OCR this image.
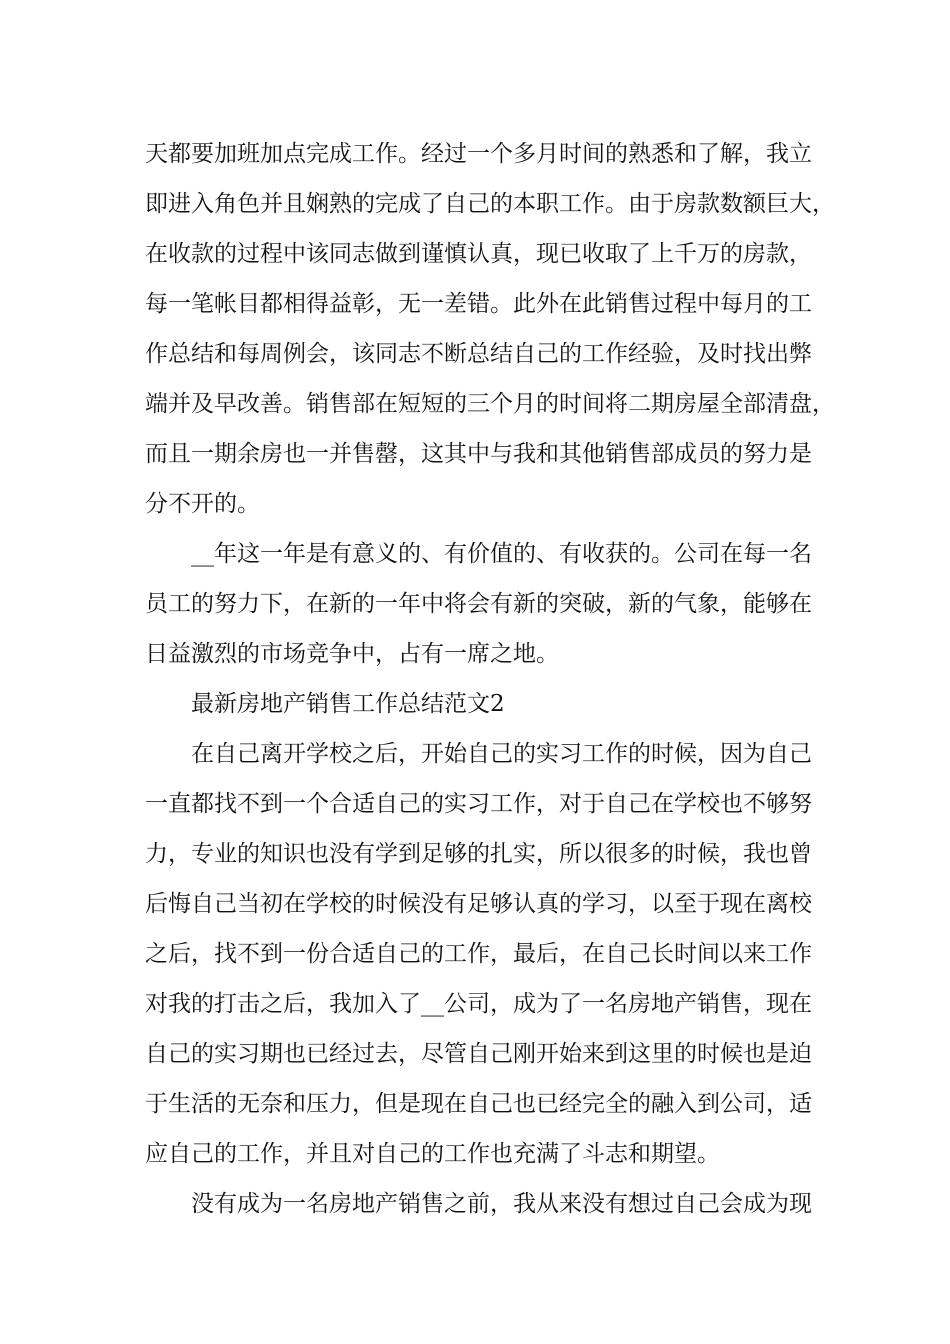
天都要加班加点完成工作。经过一个多月时间的熟悉和了解，我立
即进入角色并且娴熟的完成了自己的本职工作。由于房款数额巨大，
在收款的过程中该同志做到谨慎认真，现已收取了上千万的房款，
每一笔帐目都相得益彰，无一差错。此外在此销售过程中每月的工
作总结和每周例会，该同志不断总结自己的工作经验，及时找出弊
端并及早改善。销售部在短短的三个月的时间将二期房屋全部清盘，
而且一期余房也一并售罄，这其中与我和其他销售部成员的努力是
分不开的。
__年这一年是有意义的、有价值的、有收获的。公司在每一名
员工的努力下，在新的一年中将会有新的突破，新的气象，能够在
日益激烈的市场竞争中，占有一席之地。
最新房地产销售工作总结范文2
在自己离开学校之后，开始自己的实习工作的时候，因为自己
一直都找不到一个合适自己的实习工作，对于自己在学校也不够努
力，专业的知识也没有学到足够的扎实，所以很多的时候，我也曾
后悔自己当初在学校的时候没有足够认真的学习，以至于现在离校
之后，找不到一份合适自己的工作，最后，在自己长时间以来工作
对我的打击之后，我加入了__公司，成为了一名房地产销售，现在
自己的实习期也已经过去，尽管自己刚开始来到这里的时候也是迫
于生活的无奈和压力，但是现在自己也已经完全的融入到公司，适
应自己的工作，并且对自己的工作也充满了斗志和期望。
没有成为一名房地产销售之前，我从来没有想过自己会成为现
